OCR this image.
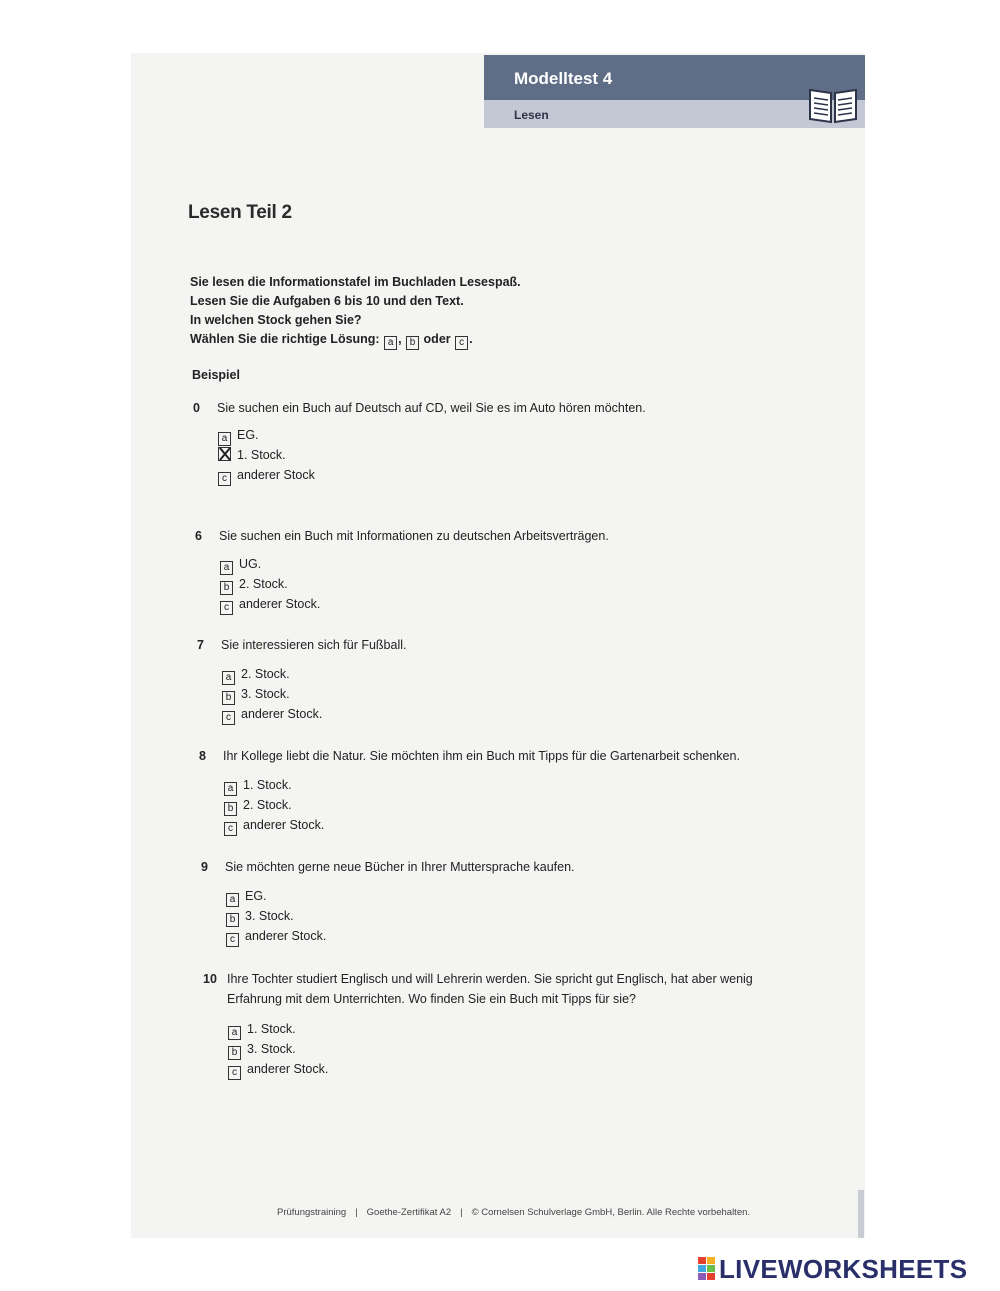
Modelltest 4
Lesen
Lesen Teil 2
Sie lesen die Informationstafel im Buchladen Lesespaß.
Lesen Sie die Aufgaben 6 bis 10 und den Text.
In welchen Stock gehen Sie?
Wählen Sie die richtige Lösung: a , b oder c .
Beispiel
0 Sie suchen ein Buch auf Deutsch auf CD, weil Sie es im Auto hören möchten.
a EG.
1. Stock.
c anderer Stock
6 Sie suchen ein Buch mit Informationen zu deutschen Arbeitsverträgen.
a UG.
b 2. Stock.
c anderer Stock.
7 Sie interessieren sich für Fußball.
a 2. Stock.
b 3. Stock.
c anderer Stock.
8 Ihr Kollege liebt die Natur. Sie möchten ihm ein Buch mit Tipps für die Gartenarbeit schenken.
a 1. Stock.
b 2. Stock.
c anderer Stock.
9 Sie möchten gerne neue Bücher in Ihrer Muttersprache kaufen.
a EG.
b 3. Stock.
c anderer Stock.
10 Ihre Tochter studiert Englisch und will Lehrerin werden. Sie spricht gut Englisch, hat aber wenig
Erfahrung mit dem Unterrichten. Wo finden Sie ein Buch mit Tipps für sie?
a 1. Stock.
b 3. Stock.
c anderer Stock.
Prüfungstraining | Goethe-Zertifikat A2 | © Cornelsen Schulverlage GmbH, Berlin. Alle Rechte vorbehalten.
LIVEWORKSHEETS
